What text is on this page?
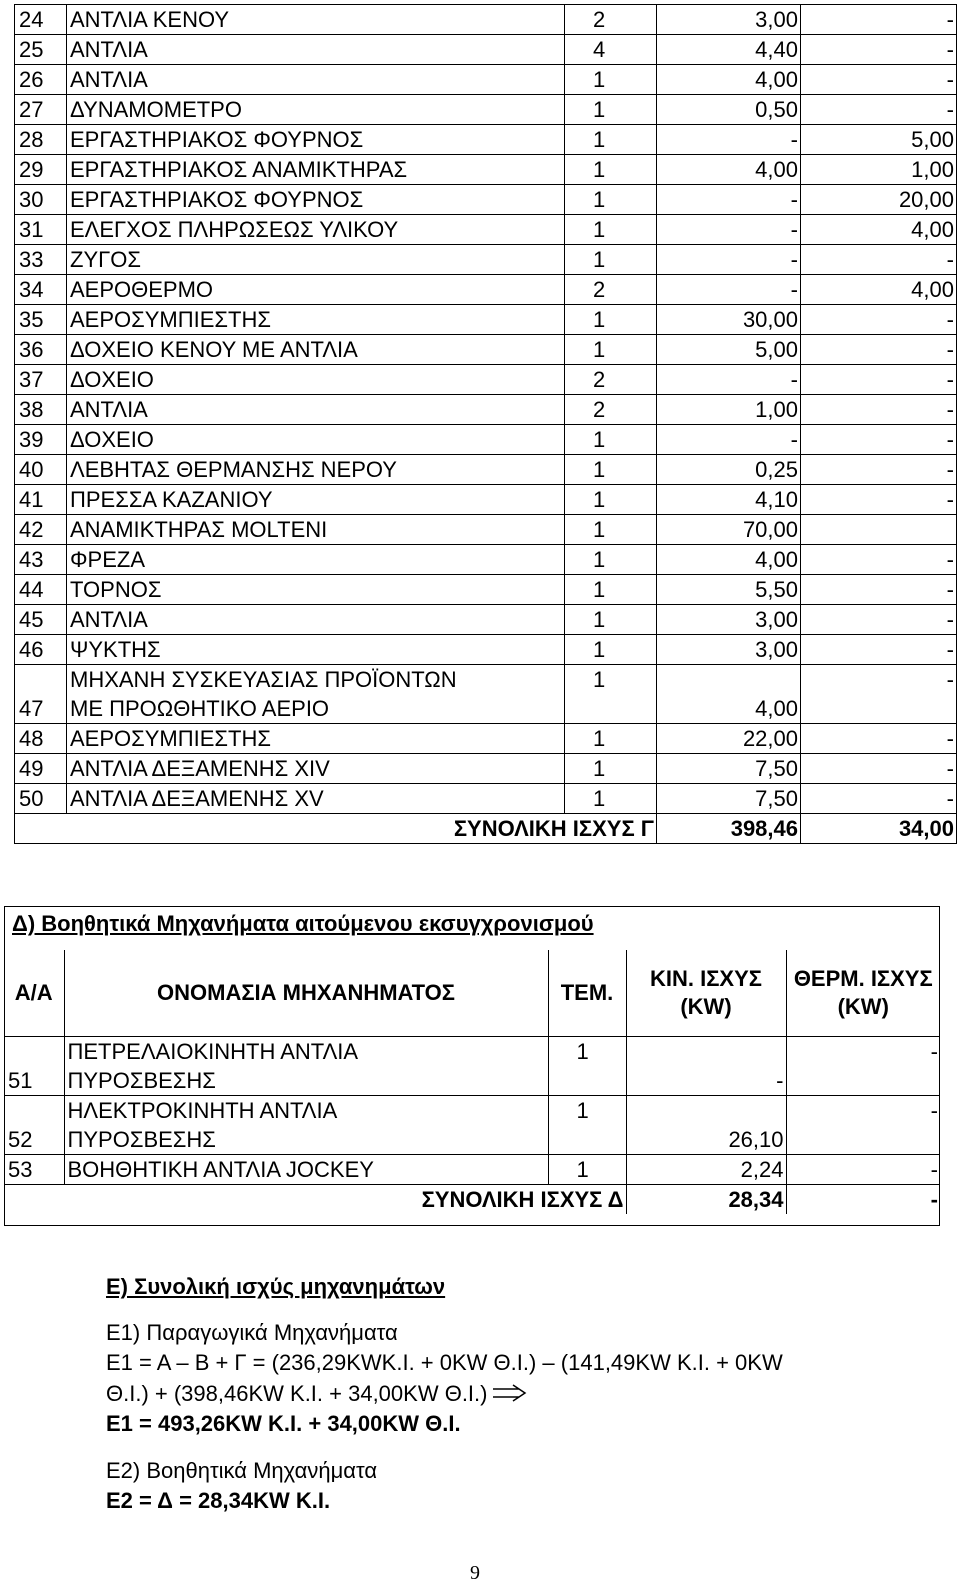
24	ΑΝΤΛΙΑ ΚΕΝΟΥ	2	3,00	-
25	ΑΝΤΛΙΑ	4	4,40	-
26	ΑΝΤΛΙΑ	1	4,00	-
27	ΔΥΝΑΜΟΜΕΤΡΟ	1	0,50	-
28	ΕΡΓΑΣΤΗΡΙΑΚΟΣ ΦΟΥΡΝΟΣ	1	-	5,00
29	ΕΡΓΑΣΤΗΡΙΑΚΟΣ ΑΝΑΜΙΚΤΗΡΑΣ	1	4,00	1,00
30	ΕΡΓΑΣΤΗΡΙΑΚΟΣ ΦΟΥΡΝΟΣ	1	-	20,00
31	ΕΛΕΓΧΟΣ ΠΛΗΡΩΣΕΩΣ ΥΛΙΚΟΥ	1	-	4,00
33	ΖΥΓΟΣ	1	-	-
34	ΑΕΡΟΘΕΡΜΟ	2	-	4,00
35	ΑΕΡΟΣΥΜΠΙΕΣΤΗΣ	1	30,00	-
36	ΔΟΧΕΙΟ ΚΕΝΟΥ ΜΕ ΑΝΤΛΙΑ	1	5,00	-
37	ΔΟΧΕΙΟ	2	-	-
38	ΑΝΤΛΙΑ	2	1,00	-
39	ΔΟΧΕΙΟ	1	-	-
40	ΛΕΒΗΤΑΣ ΘΕΡΜΑΝΣΗΣ ΝΕΡΟΥ	1	0,25	-
41	ΠΡΕΣΣΑ ΚΑΖΑΝΙΟΥ	1	4,10	-
42	ΑΝΑΜΙΚΤΗΡΑΣ MOLTENI	1	70,00	
43	ΦΡΕΖΑ	1	4,00	-
44	ΤΟΡΝΟΣ	1	5,50	-
45	ΑΝΤΛΙΑ	1	3,00	-
46	ΨΥΚΤΗΣ	1	3,00	-
47	ΜΗΧΑΝΗ ΣΥΣΚΕΥΑΣΙΑΣ ΠΡΟΪΟΝΤΩΝ
ΜΕ ΠΡΟΩΘΗΤΙΚΟ ΑΕΡΙΟ	1	4,00	-
48	ΑΕΡΟΣΥΜΠΙΕΣΤΗΣ	1	22,00	-
49	ΑΝΤΛΙΑ ΔΕΞΑΜΕΝΗΣ XIV	1	7,50	-
50	ΑΝΤΛΙΑ ΔΕΞΑΜΕΝΗΣ XV	1	7,50	-
ΣΥΝΟΛΙΚΗ ΙΣΧΥΣ Γ			398,46	34,00
Δ) Βοηθητικά Μηχανήματα αιτούμενου εκσυγχρονισμού
Α/Α	ΟΝΟΜΑΣΙΑ ΜΗΧΑΝΗΜΑΤΟΣ	ΤΕΜ.	ΚΙΝ. ΙΣΧΥΣ (KW)	ΘΕΡΜ. ΙΣΧΥΣ (KW)
51	ΠΕΤΡΕΛΑΙΟΚΙΝΗΤΗ ΑΝΤΛΙΑ
ΠΥΡΟΣΒΕΣΗΣ	1	-	-
52	ΗΛΕΚΤΡΟΚΙΝΗΤΗ ΑΝΤΛΙΑ
ΠΥΡΟΣΒΕΣΗΣ	1	26,10	-
53	ΒΟΗΘΗΤΙΚΗ ΑΝΤΛΙΑ JOCKEY	1	2,24	-
ΣΥΝΟΛΙΚΗ ΙΣΧΥΣ Δ			28,34	-
Ε) Συνολική ισχύς μηχανημάτων
Ε1) Παραγωγικά Μηχανήματα
Ε1 = Α – Β + Γ = (236,29KWK.I. + 0KW Θ.Ι.) – (141,49KW Κ.Ι. + 0KW
Θ.Ι.) + (398,46KW Κ.Ι. + 34,00KW Θ.Ι.)
Ε1 = 493,26KW Κ.Ι. + 34,00KW Θ.Ι.
Ε2) Βοηθητικά Μηχανήματα
Ε2 = Δ = 28,34KW Κ.Ι.
9
